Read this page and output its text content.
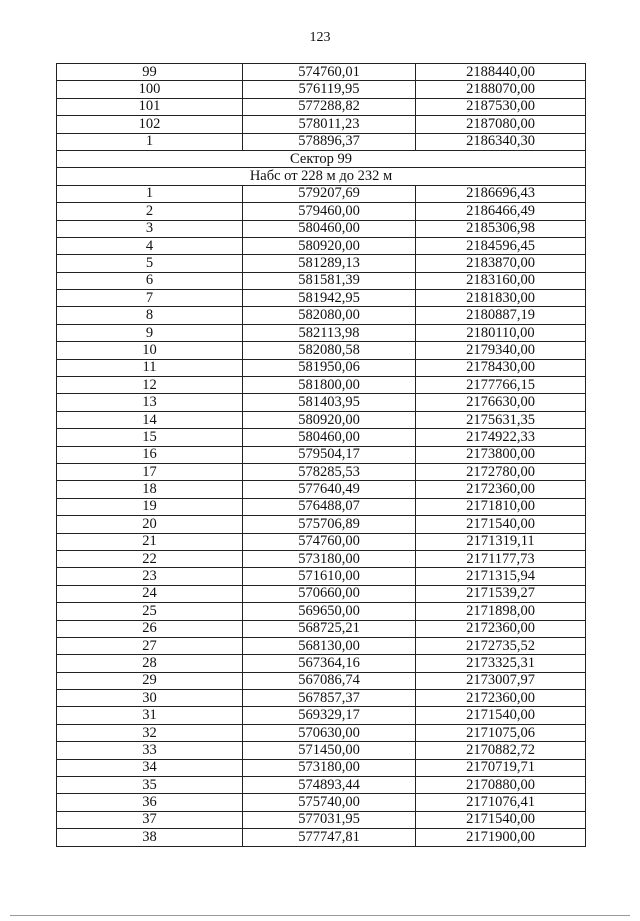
123
99	574760,01	2188440,00
100	576119,95	2188070,00
101	577288,82	2187530,00
102	578011,23	2187080,00
1	578896,37	2186340,30
Сектор 99		
Набс от 228 м до 232 м		
1	579207,69	2186696,43
2	579460,00	2186466,49
3	580460,00	2185306,98
4	580920,00	2184596,45
5	581289,13	2183870,00
6	581581,39	2183160,00
7	581942,95	2181830,00
8	582080,00	2180887,19
9	582113,98	2180110,00
10	582080,58	2179340,00
11	581950,06	2178430,00
12	581800,00	2177766,15
13	581403,95	2176630,00
14	580920,00	2175631,35
15	580460,00	2174922,33
16	579504,17	2173800,00
17	578285,53	2172780,00
18	577640,49	2172360,00
19	576488,07	2171810,00
20	575706,89	2171540,00
21	574760,00	2171319,11
22	573180,00	2171177,73
23	571610,00	2171315,94
24	570660,00	2171539,27
25	569650,00	2171898,00
26	568725,21	2172360,00
27	568130,00	2172735,52
28	567364,16	2173325,31
29	567086,74	2173007,97
30	567857,37	2172360,00
31	569329,17	2171540,00
32	570630,00	2171075,06
33	571450,00	2170882,72
34	573180,00	2170719,71
35	574893,44	2170880,00
36	575740,00	2171076,41
37	577031,95	2171540,00
38	577747,81	2171900,00
